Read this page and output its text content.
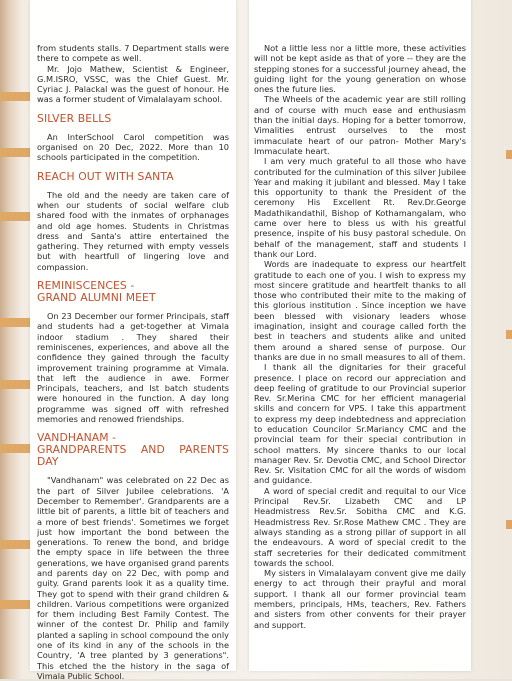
from students stalls. 7 Department stalls were there to compete as well.

Mr. Jojo Mathew, Scientist & Engineer, G.M.ISRO, VSSC, was the Chief Guest. Mr. Cyriac J. Palackal was the guest of honour. He was a former student of Vimalalayam school.

SILVER BELLS

An InterSchool Carol competition was organised on 20 Dec, 2022. More than 10 schools participated in the competition.

REACH OUT WITH SANTA

The old and the needy are taken care of when our students of social welfare club shared food with the inmates of orphanages and old age homes. Students in Christmas dress and Santa's attire entertained the gathering. They returned with empty vessels but with heartfull of lingering love and compassion.

REMINISCENCES -
GRAND ALUMNI MEET

On 23 December our former Principals, staff and students had a get-together at Vimala indoor stadium . They shared their reminiscenes, experiences, and above all the confidence they gained through the faculty improvement training programme at Vimala. that left the audience in awe. Former Principals, teachers, and Ist batch students were honoured in the function. A day long programme was signed off with refreshed memories and renowed friendships.

VANDHANAM -
GRANDPARENTS AND PARENTS DAY

"Vandhanam" was celebrated on 22 Dec as the part of Silver Jubilee celebrations. 'A December to Remember'. Grandparents are a little bit of parents, a little bit of teachers and a more of best friends'. Sometimes we forget just how important the bond between the generations. To renew the bond, and bridge the empty space in life between the three generations, we have organised grand parents and parents day on 22 Dec, with pomp and guity. Grand parents look it as a quality time. They got to spend with their grand children & children. Various competitions were organized for them including Best Family Contest. The winner of the contest Dr. Philip and family planted a sapling in school compound the only one of its kind in any of the schools in the Country, 'A tree planted by 3 generations". This etched the the history in the saga of Vimala Public School.

Not a little less nor a little more, these activities will not be kept aside as that of yore -- they are the stepping stones for a successful journey ahead, the guiding light for the young generation on whose ones the future lies.

The Wheels of the academic year are still rolling and of course with much ease and enthusiasm than the initial days. Hoping for a better tomorrow, Vimalities entrust ourselves to the most immaculate heart of our patron- Mother Mary's Immaculate heart.

I am very much grateful to all those who have contributed for the culmination of this silver Jubilee Year and making it jubilant and blessed. May I take this opportunity to thank the President of the ceremony His Excellent Rt. Rev.Dr.George Madathikandathil, Bishop of Kothamangalam, who came over here to bless us with his greatful presence, inspite of his busy pastoral schedule. On behalf of the management, staff and students I thank our Lord.

Words are inadequate to express our heartfelt gratitude to each one of you. I wish to express my most sincere gratitude and heartfelt thanks to all those who contributed their mite to the making of this glorious institution . Since inception we have been blessed with visionary leaders whose imagination, insight and courage called forth the best in teachers and students alike and united them around a shared sense of purpose. Our thanks are due in no small measures to all of them.

I thank all the dignitaries for their graceful presence. I place on record our appreciation and deep feeling of gratitude to our Provincial superior Rev. Sr.Merina CMC for her efficient managerial skills and concern for VPS. I take this appartment to express my deep indebtedness and appreciation to education Councilor Sr.Mariancy CMC and the provincial team for their special contribution in school matters. My sincere thanks to our local manager Rev. Sr. Devotia CMC, and School Director Rev. Sr. Visitation CMC for all the words of wisdom and guidance.

A word of special credit and requital to our Vice Principal Rev.Sr. Lizabeth CMC and LP Headmistress Rev.Sr. Sobitha CMC and K.G. Headmistress Rev. Sr.Rose Mathew CMC . They are always standing as a strong pillar of support in all the endeavours. A word of special credit to the staff secreteries for their dedicated commitment towards the school.

My sisters in Vimalalayam convent give me daily energy to act through their prayful and moral support. I thank all our former provincial team members, principals, HMs, teachers, Rev. Fathers and sisters from other convents for their prayer and support.
